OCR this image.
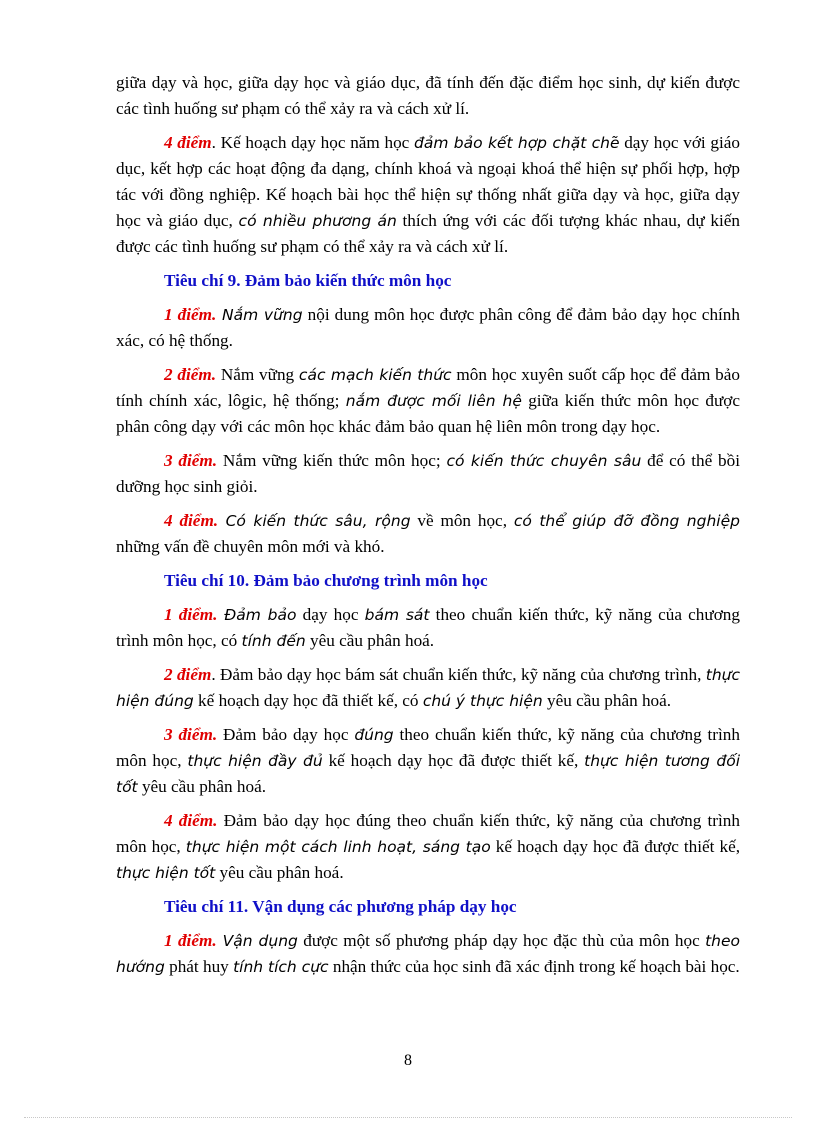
giữa dạy và học, giữa dạy học và giáo dục, đã tính đến đặc điểm học sinh, dự kiến được các tình huống sư phạm có thể xảy ra và cách xử lí.

4 điểm. Kế hoạch dạy học năm học đảm bảo kết hợp chặt chẽ dạy học với giáo dục, kết hợp các hoạt động đa dạng, chính khoá và ngoại khoá thể hiện sự phối hợp, hợp tác với đồng nghiệp. Kế hoạch bài học thể hiện sự thống nhất giữa dạy và học, giữa dạy học và giáo dục, có nhiều phương án thích ứng với các đối tượng khác nhau, dự kiến được các tình huống sư phạm có thể xảy ra và cách xử lí.

Tiêu chí 9. Đảm bảo kiến thức môn học

1 điểm. Nắm vững nội dung môn học được phân công để đảm bảo dạy học chính xác, có hệ thống.

2 điểm. Nắm vững các mạch kiến thức môn học xuyên suốt cấp học để đảm bảo tính chính xác, lôgic, hệ thống; nắm được mối liên hệ giữa kiến thức môn học được phân công dạy với các môn học khác đảm bảo quan hệ liên môn trong dạy học.

3 điểm. Nắm vững kiến thức môn học; có kiến thức chuyên sâu để có thể bồi dưỡng học sinh giỏi.

4 điểm. Có kiến thức sâu, rộng về môn học, có thể giúp đỡ đồng nghiệp những vấn đề chuyên môn mới và khó.

Tiêu chí 10. Đảm bảo chương trình môn học

1 điểm. Đảm bảo dạy học bám sát theo chuẩn kiến thức, kỹ năng của chương trình môn học, có tính đến yêu cầu phân hoá.

2 điểm. Đảm bảo dạy học bám sát chuẩn kiến thức, kỹ năng của chương trình, thực hiện đúng kế hoạch dạy học đã thiết kế, có chú ý thực hiện yêu cầu phân hoá.

3 điểm. Đảm bảo dạy học đúng theo chuẩn kiến thức, kỹ năng của chương trình môn học, thực hiện đầy đủ kế hoạch dạy học đã được thiết kế, thực hiện tương đối tốt yêu cầu phân hoá.

4 điểm. Đảm bảo dạy học đúng theo chuẩn kiến thức, kỹ năng của chương trình môn học, thực hiện một cách linh hoạt, sáng tạo kế hoạch dạy học đã được thiết kế, thực hiện tốt yêu cầu phân hoá.

Tiêu chí 11. Vận dụng các phương pháp dạy học

1 điểm. Vận dụng được một số phương pháp dạy học đặc thù của môn học theo hướng phát huy tính tích cực nhận thức của học sinh đã xác định trong kế hoạch bài học.

8
